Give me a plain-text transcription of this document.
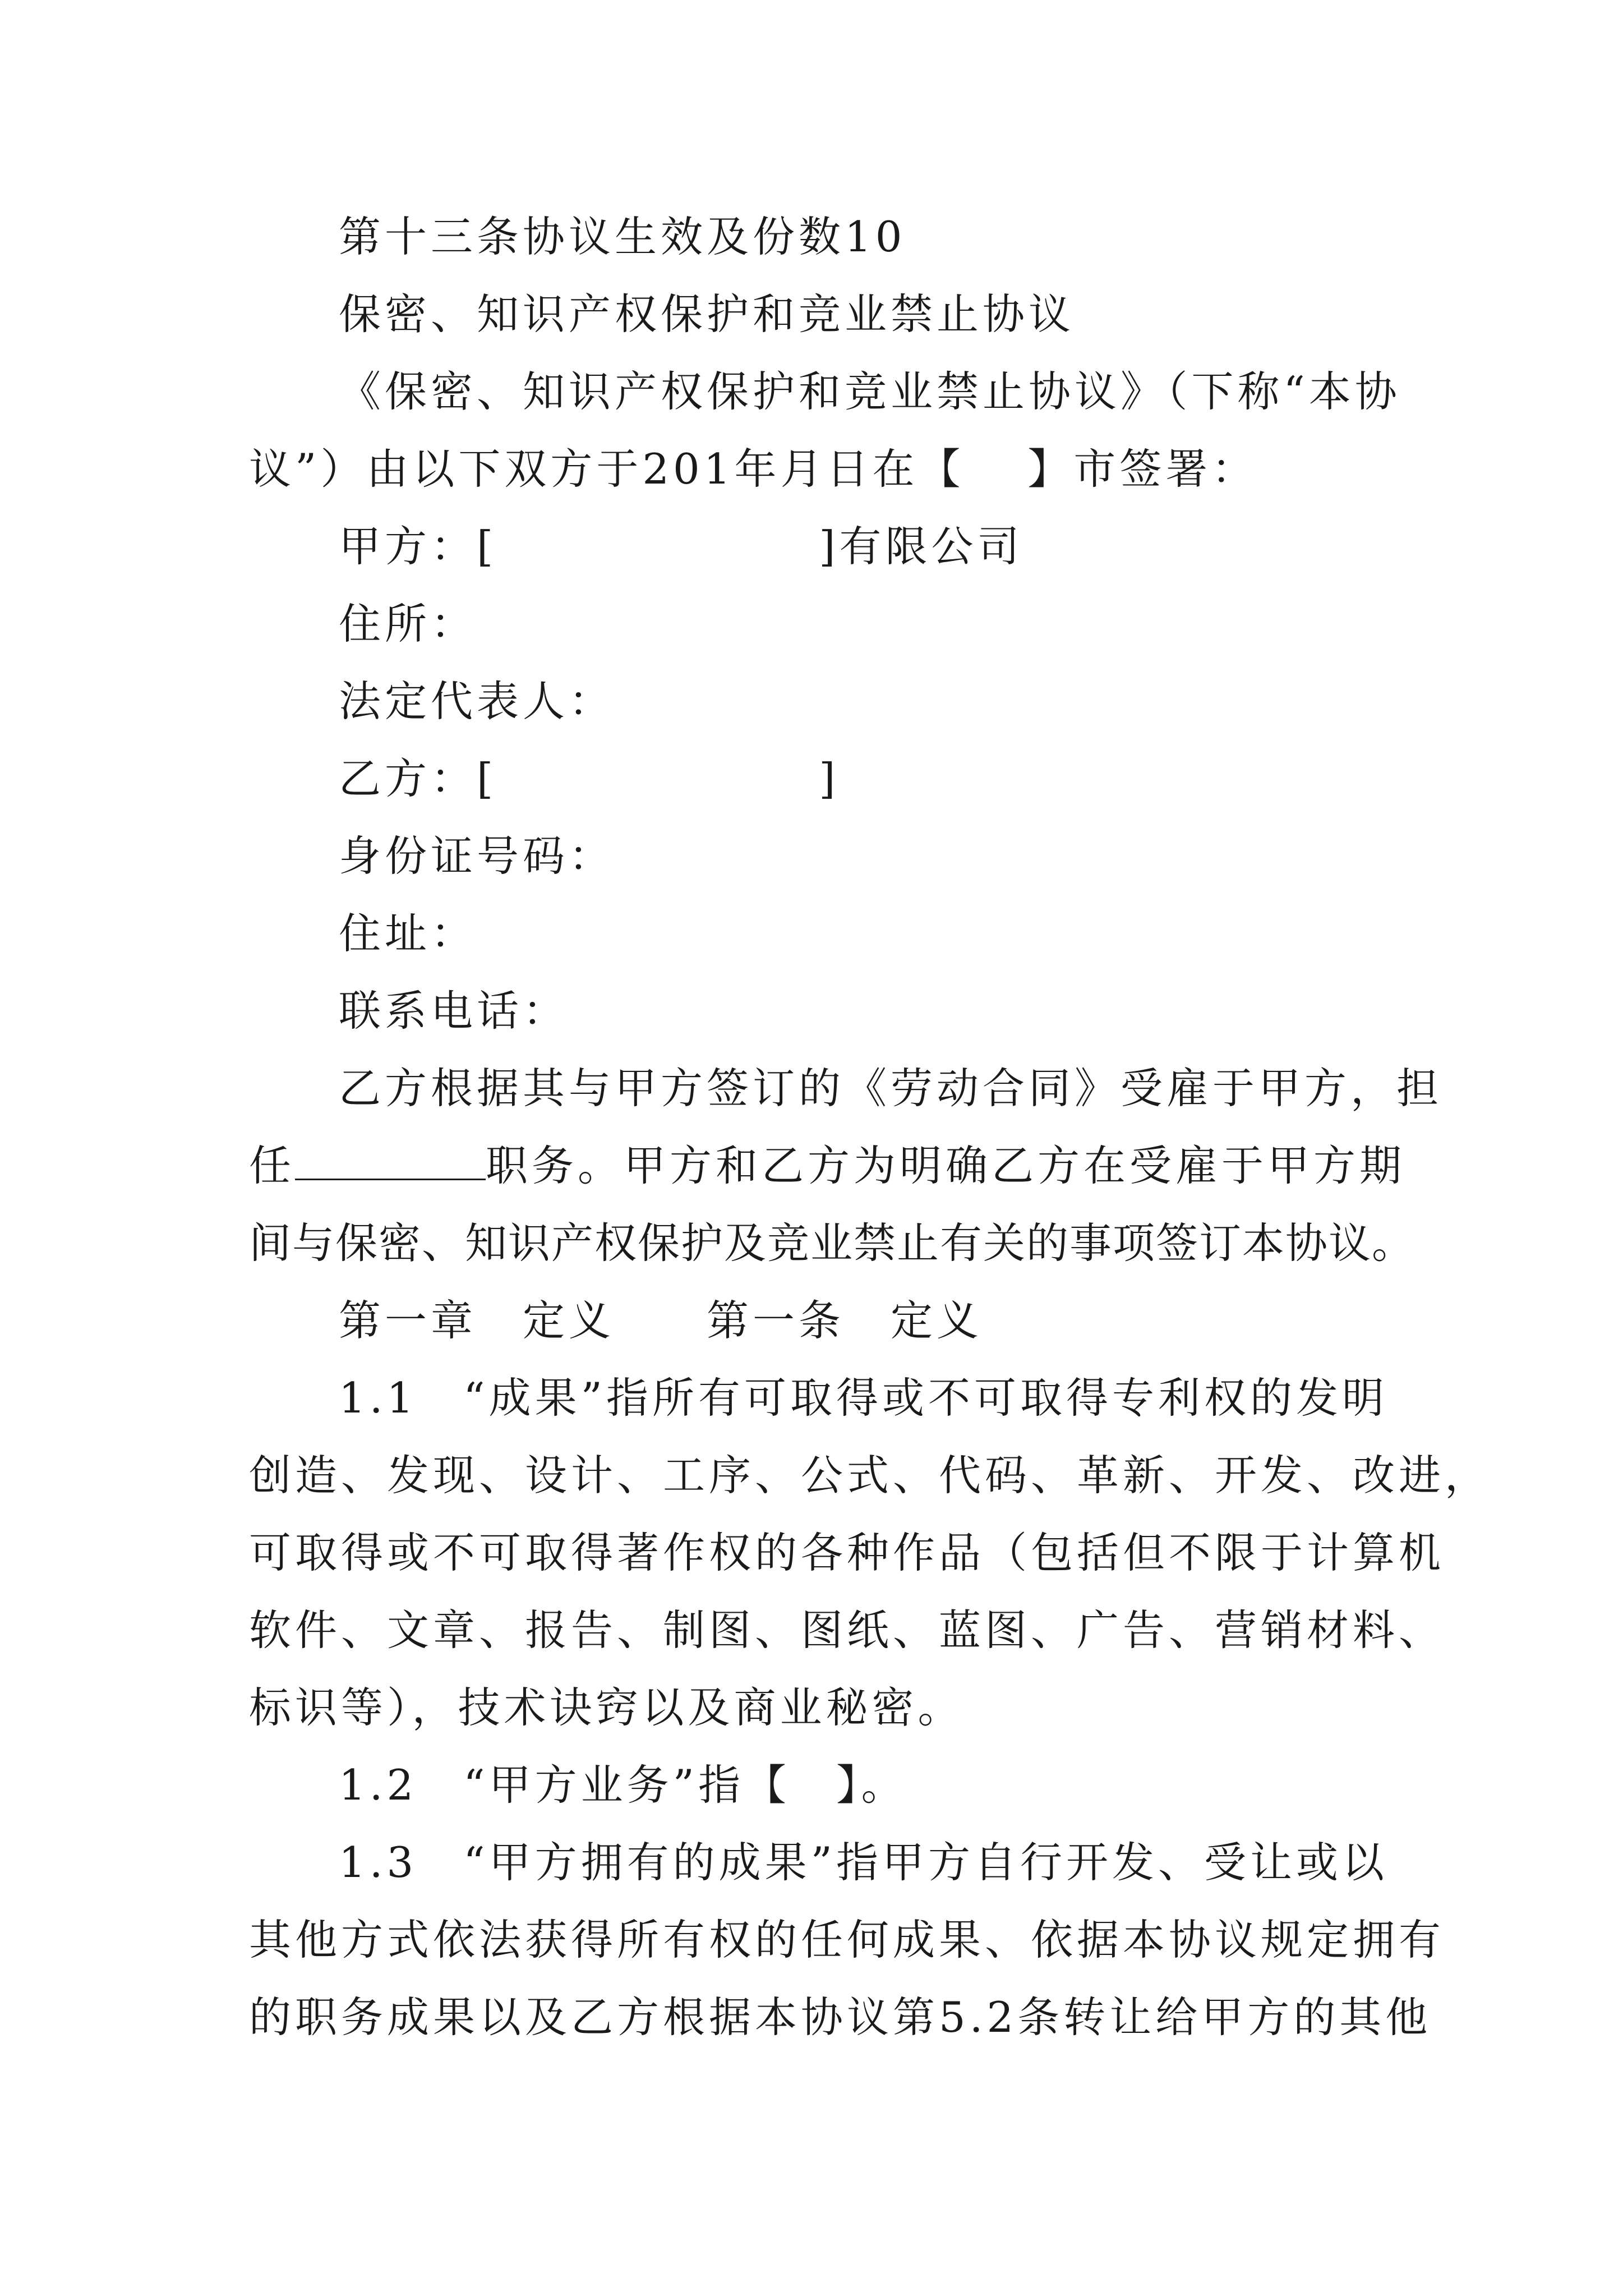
第十三条协议生效及份数10
保密、知识产权保护和竞业禁止协议
《保密、知识产权保护和竞业禁止协议》（下称“本协
议”）由以下双方于201年月日在【　 】市签署：
甲方：[　　　　　　　]有限公司
住所：
法定代表人：
乙方：[　　　　　　　]
身份证号码：
住址：
联系电话：
乙方根据其与甲方签订的《劳动合同》受雇于甲方，担
任	职务。甲方和乙方为明确乙方在受雇于甲方期
间与保密、知识产权保护及竞业禁止有关的事项签订本协议。
第一章　定义　　第一条　定义
1.1　“成果”指所有可取得或不可取得专利权的发明
创造、发现、设计、工序、公式、代码、革新、开发、改进，
可取得或不可取得著作权的各种作品（包括但不限于计算机
软件、文章、报告、制图、图纸、蓝图、广告、营销材料、
标识等），技术诀窍以及商业秘密。
1.2　“甲方业务”指【　】。
1.3　“甲方拥有的成果”指甲方自行开发、受让或以
其他方式依法获得所有权的任何成果、依据本协议规定拥有
的职务成果以及乙方根据本协议第5.2条转让给甲方的其他
